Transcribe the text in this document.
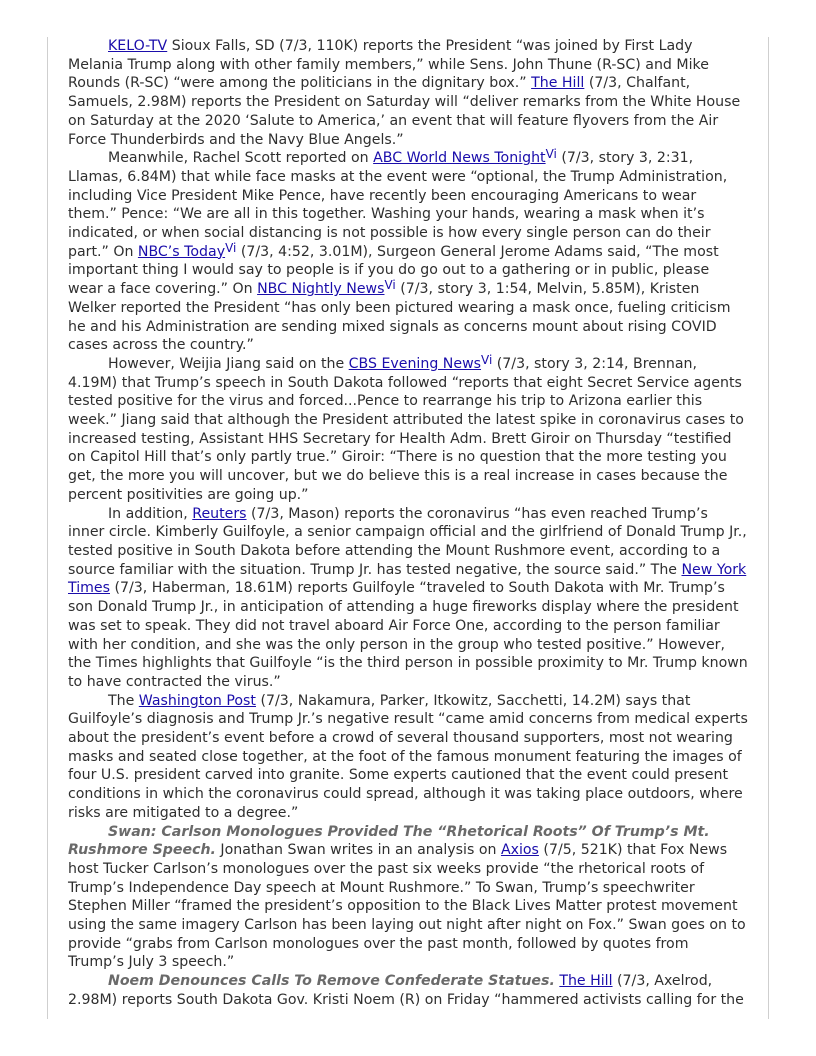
KELO-TV Sioux Falls, SD (7/3, 110K) reports the President “was joined by First Lady Melania Trump along with other family members,” while Sens. John Thune (R-SC) and Mike Rounds (R-SC) “were among the politicians in the dignitary box.” The Hill (7/3, Chalfant, Samuels, 2.98M) reports the President on Saturday will “deliver remarks from the White House on Saturday at the 2020 ‘Salute to America,’ an event that will feature flyovers from the Air Force Thunderbirds and the Navy Blue Angels.”

Meanwhile, Rachel Scott reported on ABC World News Tonight$^{Vi}$ (7/3, story 3, 2:31, Llamas, 6.84M) that while face masks at the event were “optional, the Trump Administration, including Vice President Mike Pence, have recently been encouraging Americans to wear them.” Pence: “We are all in this together. Washing your hands, wearing a mask when it’s indicated, or when social distancing is not possible is how every single person can do their part.” On NBC’s Today$^{Vi}$ (7/3, 4:52, 3.01M), Surgeon General Jerome Adams said, “The most important thing I would say to people is if you do go out to a gathering or in public, please wear a face covering.” On NBC Nightly News$^{Vi}$ (7/3, story 3, 1:54, Melvin, 5.85M), Kristen Welker reported the President “has only been pictured wearing a mask once, fueling criticism he and his Administration are sending mixed signals as concerns mount about rising COVID cases across the country.”

However, Weijia Jiang said on the CBS Evening News$^{Vi}$ (7/3, story 3, 2:14, Brennan, 4.19M) that Trump’s speech in South Dakota followed “reports that eight Secret Service agents tested positive for the virus and forced...Pence to rearrange his trip to Arizona earlier this week.” Jiang said that although the President attributed the latest spike in coronavirus cases to increased testing, Assistant HHS Secretary for Health Adm. Brett Giroir on Thursday “testified on Capitol Hill that’s only partly true.” Giroir: “There is no question that the more testing you get, the more you will uncover, but we do believe this is a real increase in cases because the percent positivities are going up.”

In addition, Reuters (7/3, Mason) reports the coronavirus “has even reached Trump’s inner circle. Kimberly Guilfoyle, a senior campaign official and the girlfriend of Donald Trump Jr., tested positive in South Dakota before attending the Mount Rushmore event, according to a source familiar with the situation. Trump Jr. has tested negative, the source said.” The New York Times (7/3, Haberman, 18.61M) reports Guilfoyle “traveled to South Dakota with Mr. Trump’s son Donald Trump Jr., in anticipation of attending a huge fireworks display where the president was set to speak. They did not travel aboard Air Force One, according to the person familiar with her condition, and she was the only person in the group who tested positive.” However, the Times highlights that Guilfoyle “is the third person in possible proximity to Mr. Trump known to have contracted the virus.”

The Washington Post (7/3, Nakamura, Parker, Itkowitz, Sacchetti, 14.2M) says that Guilfoyle’s diagnosis and Trump Jr.’s negative result “came amid concerns from medical experts about the president’s event before a crowd of several thousand supporters, most not wearing masks and seated close together, at the foot of the famous monument featuring the images of four U.S. president carved into granite. Some experts cautioned that the event could present conditions in which the coronavirus could spread, although it was taking place outdoors, where risks are mitigated to a degree.”

Swan: Carlson Monologues Provided The “Rhetorical Roots” Of Trump’s Mt. Rushmore Speech. Jonathan Swan writes in an analysis on Axios (7/5, 521K) that Fox News host Tucker Carlson’s monologues over the past six weeks provide “the rhetorical roots of Trump’s Independence Day speech at Mount Rushmore.” To Swan, Trump’s speechwriter Stephen Miller “framed the president’s opposition to the Black Lives Matter protest movement using the same imagery Carlson has been laying out night after night on Fox.” Swan goes on to provide “grabs from Carlson monologues over the past month, followed by quotes from Trump’s July 3 speech.”

Noem Denounces Calls To Remove Confederate Statues. The Hill (7/3, Axelrod, 2.98M) reports South Dakota Gov. Kristi Noem (R) on Friday “hammered activists calling for the
